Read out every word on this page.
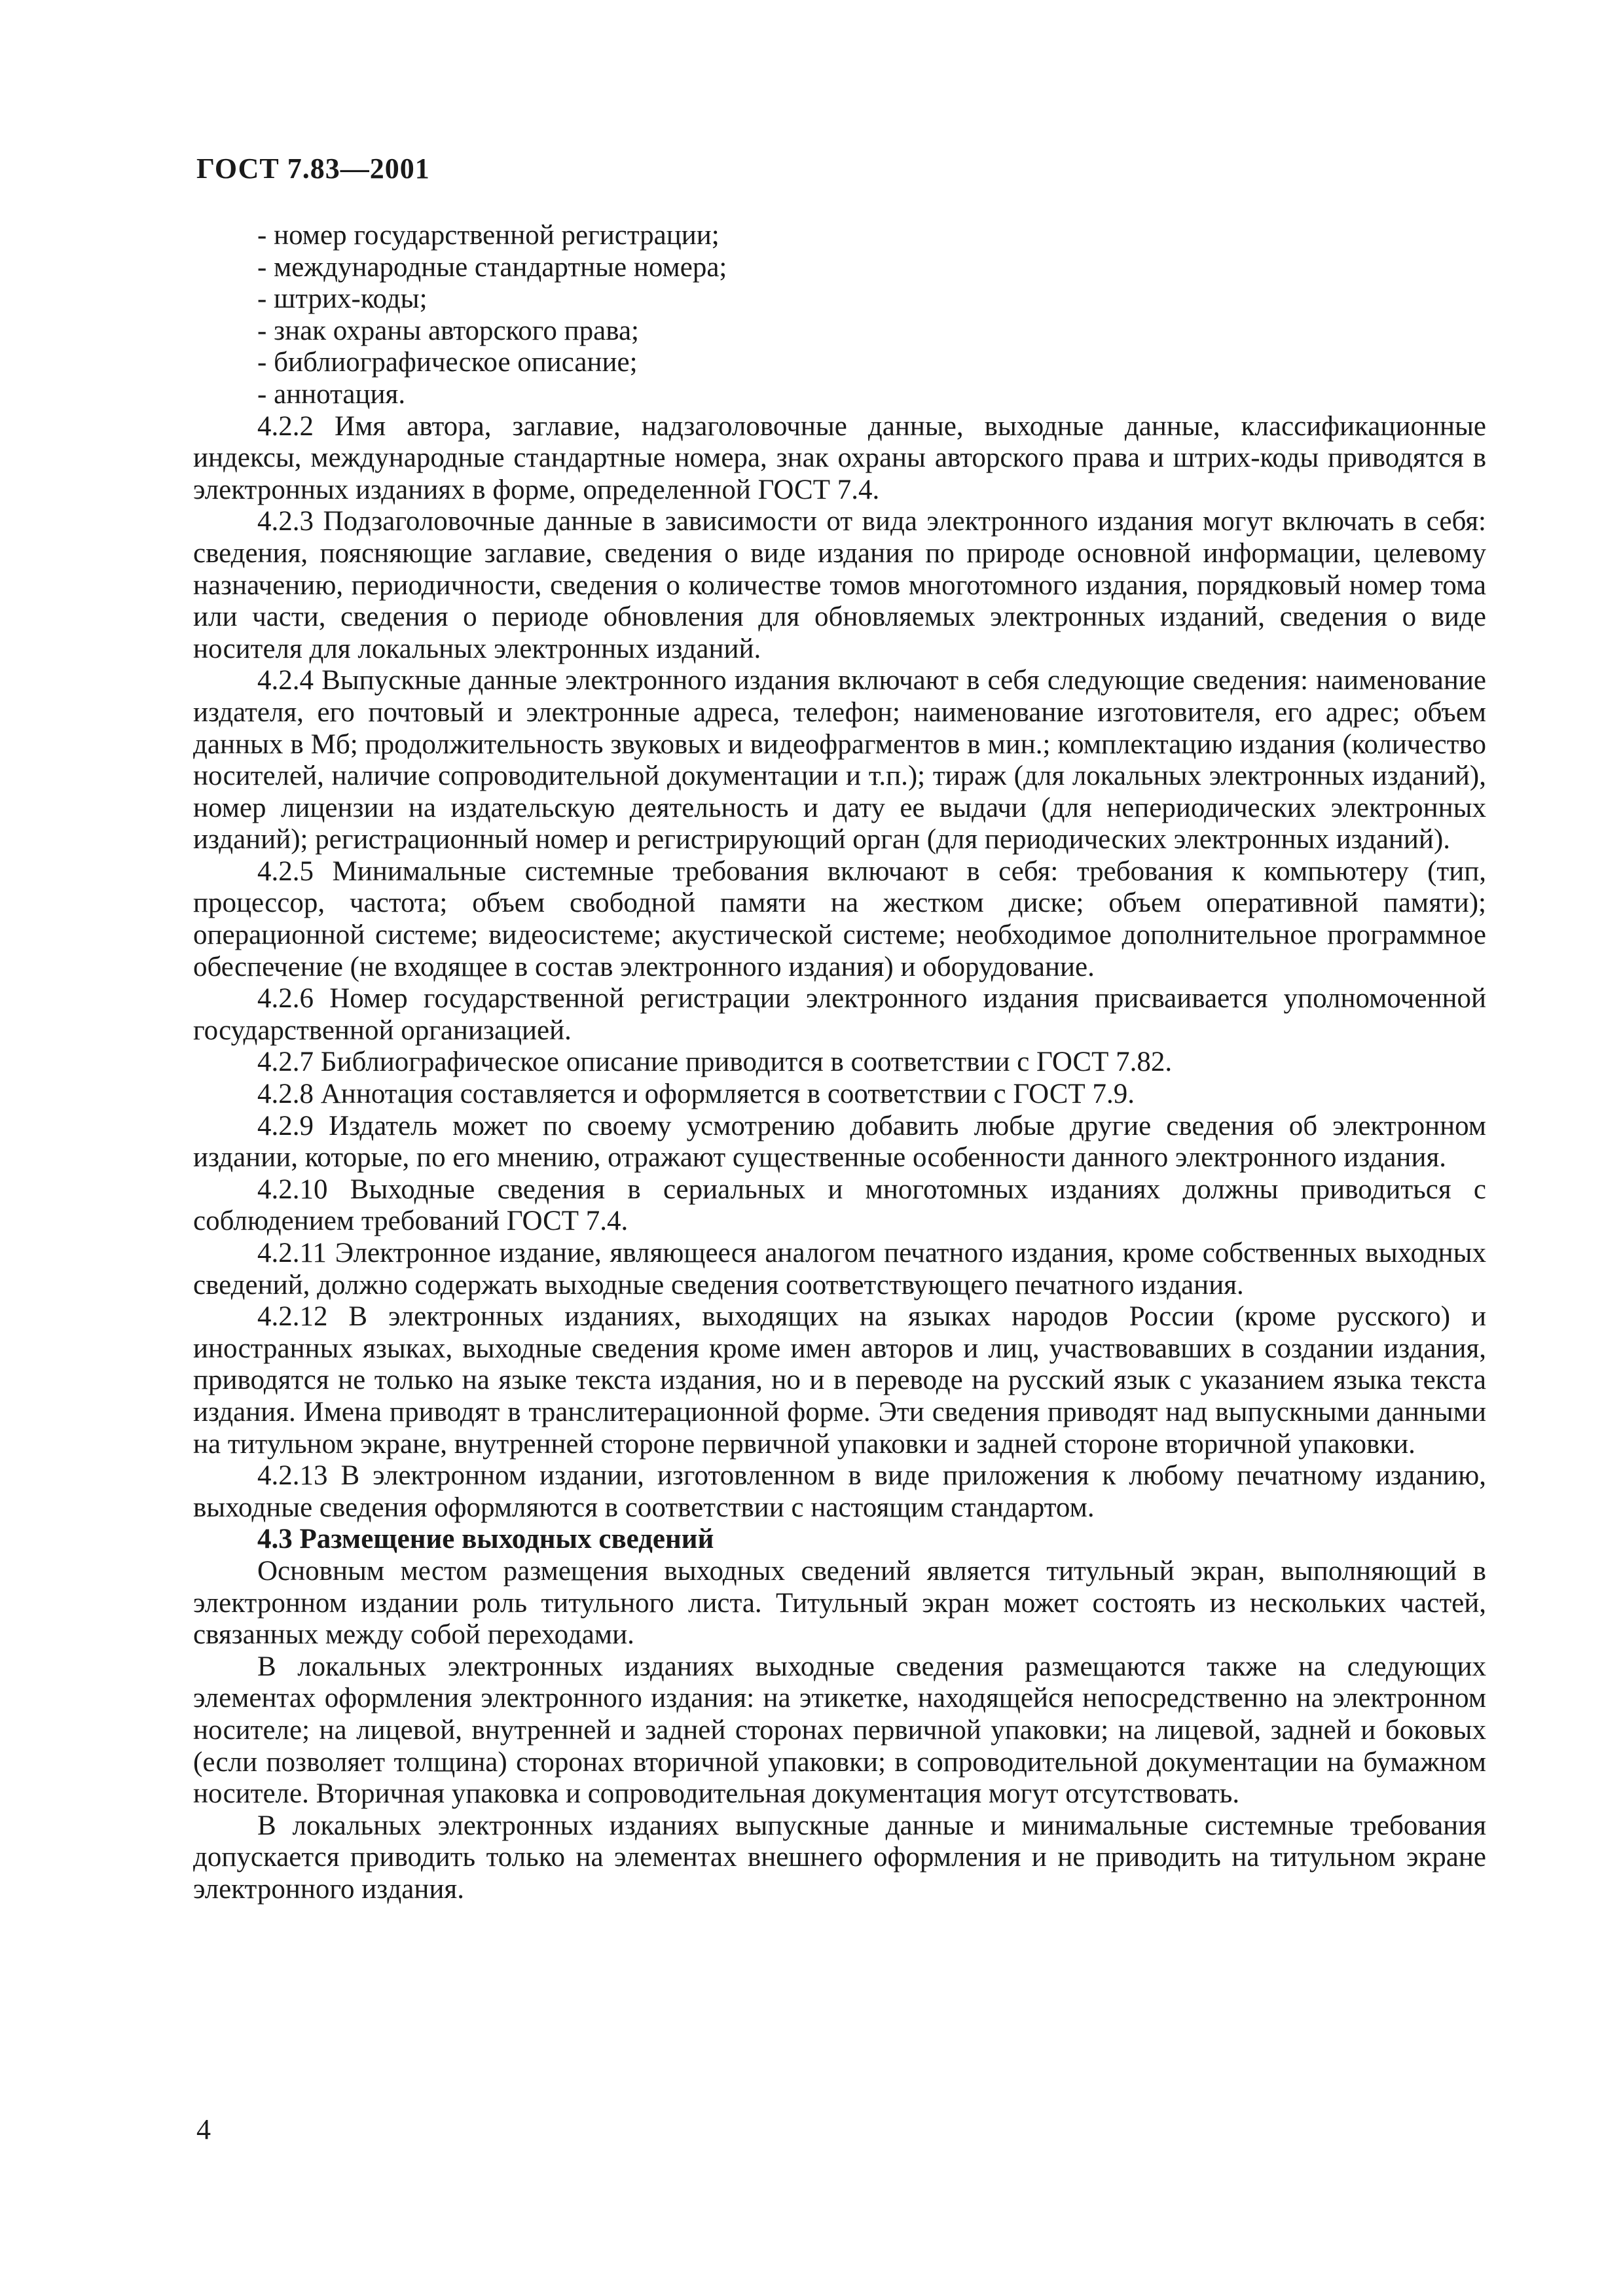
ГОСТ 7.83—2001
- номер государственной регистрации;
- международные стандартные номера;
- штрих-коды;
- знак охраны авторского права;
- библиографическое описание;
- аннотация.

4.2.2 Имя автора, заглавие, надзаголовочные данные, выходные данные, классификационные индексы, международные стандартные номера, знак охраны авторского права и штрих-коды приводятся в электронных изданиях в форме, определенной ГОСТ 7.4.

4.2.3 Подзаголовочные данные в зависимости от вида электронного издания могут включать в себя: сведения, поясняющие заглавие, сведения о виде издания по природе основной информации, целевому назначению, периодичности, сведения о количестве томов многотомного издания, порядковый номер тома или части, сведения о периоде обновления для обновляемых электронных изданий, сведения о виде носителя для локальных электронных изданий.

4.2.4 Выпускные данные электронного издания включают в себя следующие сведения: наименование издателя, его почтовый и электронные адреса, телефон; наименование изготовителя, его адрес; объем данных в Мб; продолжительность звуковых и видеофрагментов в мин.; комплектацию издания (количество носителей, наличие сопроводительной документации и т.п.); тираж (для локальных электронных изданий), номер лицензии на издательскую деятельность и дату ее выдачи (для непериодических электронных изданий); регистрационный номер и регистрирующий орган (для периодических электронных изданий).

4.2.5 Минимальные системные требования включают в себя: требования к компьютеру (тип, процессор, частота; объем свободной памяти на жестком диске; объем оперативной памяти); операционной системе; видеосистеме; акустической системе; необходимое дополнительное программное обеспечение (не входящее в состав электронного издания) и оборудование.

4.2.6 Номер государственной регистрации электронного издания присваивается уполномоченной государственной организацией.

4.2.7 Библиографическое описание приводится в соответствии с ГОСТ 7.82.

4.2.8 Аннотация составляется и оформляется в соответствии с ГОСТ 7.9.

4.2.9 Издатель может по своему усмотрению добавить любые другие сведения об электронном издании, которые, по его мнению, отражают существенные особенности данного электронного издания.

4.2.10 Выходные сведения в сериальных и многотомных изданиях должны приводиться с соблюдением требований ГОСТ 7.4.

4.2.11 Электронное издание, являющееся аналогом печатного издания, кроме собственных выходных сведений, должно содержать выходные сведения соответствующего печатного издания.

4.2.12 В электронных изданиях, выходящих на языках народов России (кроме русского) и иностранных языках, выходные сведения кроме имен авторов и лиц, участвовавших в создании издания, приводятся не только на языке текста издания, но и в переводе на русский язык с указанием языка текста издания. Имена приводят в транслитерационной форме. Эти сведения приводят над выпускными данными на титульном экране, внутренней стороне первичной упаковки и задней стороне вторичной упаковки.

4.2.13 В электронном издании, изготовленном в виде приложения к любому печатному изданию, выходные сведения оформляются в соответствии с настоящим стандартом.

4.3 Размещение выходных сведений

Основным местом размещения выходных сведений является титульный экран, выполняющий в электронном издании роль титульного листа. Титульный экран может состоять из нескольких частей, связанных между собой переходами.

В локальных электронных изданиях выходные сведения размещаются также на следующих элементах оформления электронного издания: на этикетке, находящейся непосредственно на электронном носителе; на лицевой, внутренней и задней сторонах первичной упаковки; на лицевой, задней и боковых (если позволяет толщина) сторонах вторичной упаковки; в сопроводительной документации на бумажном носителе. Вторичная упаковка и сопроводительная документация могут отсутствовать.

В локальных электронных изданиях выпускные данные и минимальные системные требования допускается приводить только на элементах внешнего оформления и не приводить на титульном экране электронного издания.

4
